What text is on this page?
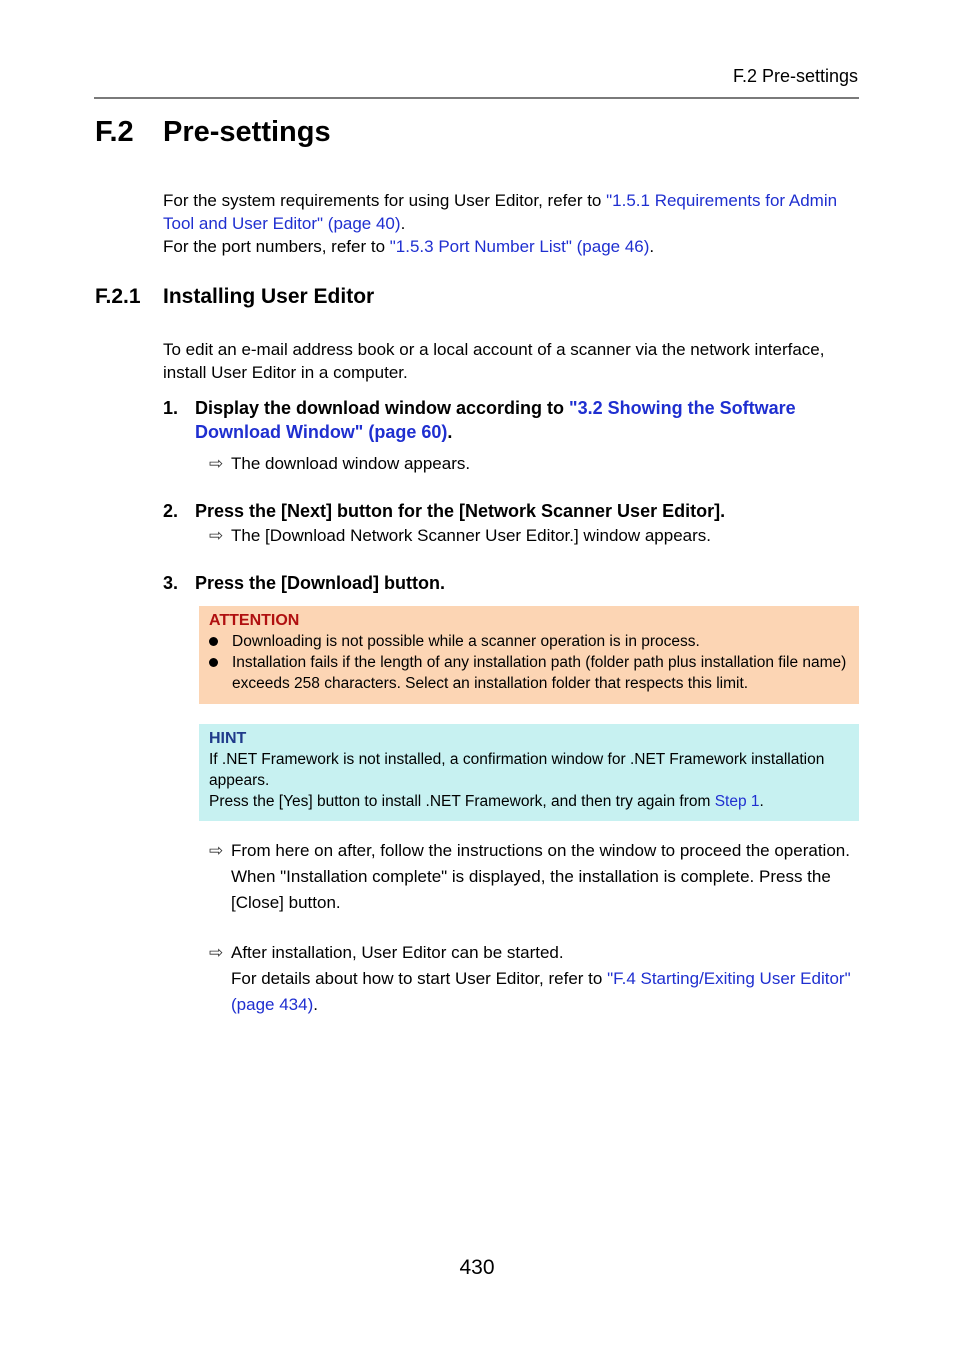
F.2 Pre-settings
F.2 Pre-settings
For the system requirements for using User Editor, refer to "1.5.1 Requirements for Admin Tool and User Editor" (page 40).
For the port numbers, refer to "1.5.3 Port Number List" (page 46).
F.2.1 Installing User Editor
To edit an e-mail address book or a local account of a scanner via the network interface, install User Editor in a computer.
1. Display the download window according to "3.2 Showing the Software Download Window" (page 60).
⇨ The download window appears.
2. Press the [Next] button for the [Network Scanner User Editor].
⇨ The [Download Network Scanner User Editor.] window appears.
3. Press the [Download] button.
ATTENTION
Downloading is not possible while a scanner operation is in process.
Installation fails if the length of any installation path (folder path plus installation file name) exceeds 258 characters. Select an installation folder that respects this limit.
HINT
If .NET Framework is not installed, a confirmation window for .NET Framework installation appears.
Press the [Yes] button to install .NET Framework, and then try again from Step 1.
⇨ From here on after, follow the instructions on the window to proceed the operation.
When "Installation complete" is displayed, the installation is complete. Press the [Close] button.
⇨ After installation, User Editor can be started.
For details about how to start User Editor, refer to "F.4 Starting/Exiting User Editor" (page 434).
430
